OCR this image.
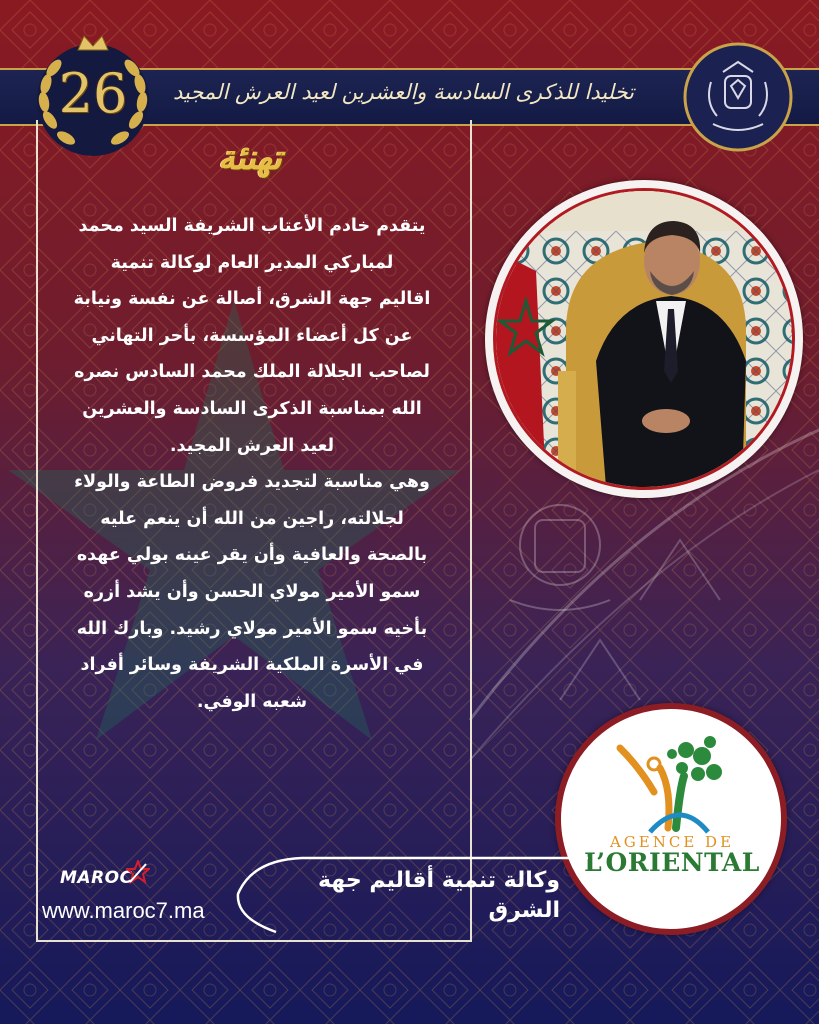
تخليدا للذكرى السادسة والعشرين لعيد العرش المجيد
26
تهنئة

يتقدم خادم الأعتاب الشريفة السيد محمد

لمباركي المدير العام لوكالة تنمية

اقاليم جهة الشرق، أصالة عن نفسة ونيابة

عن كل أعضاء المؤسسة، بأحر التهاني

لصاحب الجلالة الملك محمد السادس نصره

الله بمناسبة الذكرى السادسة والعشرين

لعيد العرش المجيد.

وهي مناسبة لتجديد فروض الطاعة والولاء

لجلالته، راجين من الله أن ينعم عليه

بالصحة والعافية وأن يقر عينه بولي عهده

سمو الأمير مولاي الحسن وأن يشد أزره

بأخيه سمو الأمير مولاي رشيد. وبارك الله

في الأسرة الملكية الشريفة وسائر أفراد

شعبه الوفي.

AGENCE DE
L’ORIENTAL
وكالة تنمية أقاليم جهة
الشرق
MAROC
www.maroc7.ma
